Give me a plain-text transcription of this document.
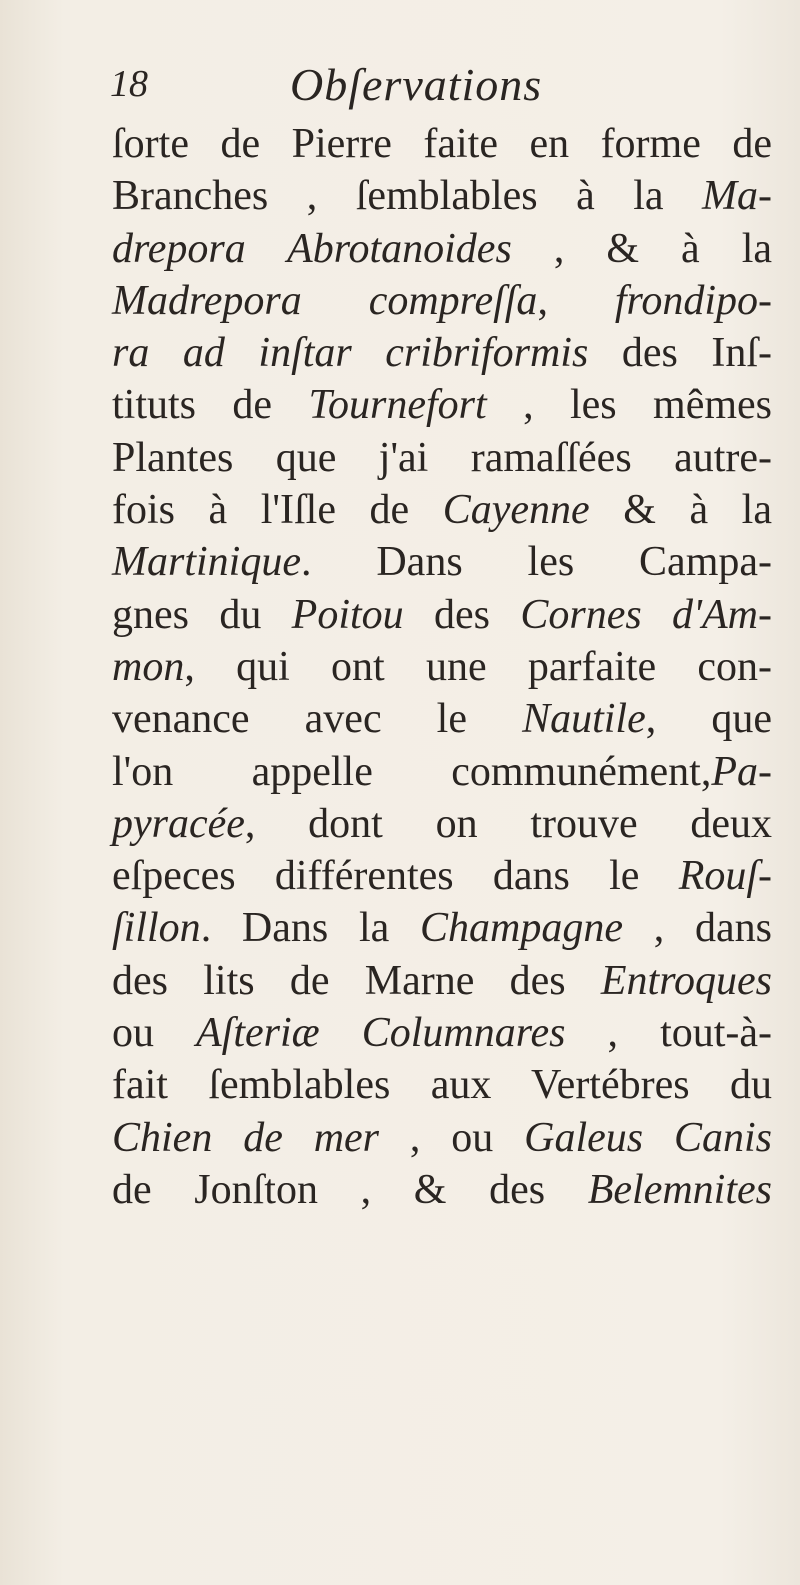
18	Obſervations
ſorte de Pierre faite en forme de
Branches , ſemblables à la Ma-
drepora Abrotanoides , & à la
Madrepora compreſſa, frondipo-
ra ad inſtar cribriformis des Inſ-
tituts de Tournefort , les mêmes
Plantes que j'ai ramaſſées autre-
fois à l'Iſle de Cayenne & à la
Martinique. Dans les Campa-
gnes du Poitou des Cornes d'Am-
mon, qui ont une parfaite con-
venance avec le Nautile, que
l'on appelle communément,Pa-
pyracée, dont on trouve deux
eſpeces différentes dans le Rouſ-
ſillon. Dans la Champagne , dans
des lits de Marne des Entroques
ou Aſteriæ Columnares , tout-à-
fait ſemblables aux Vertébres du
Chien de mer , ou Galeus Canis
de Jonſton , & des Belemnites
